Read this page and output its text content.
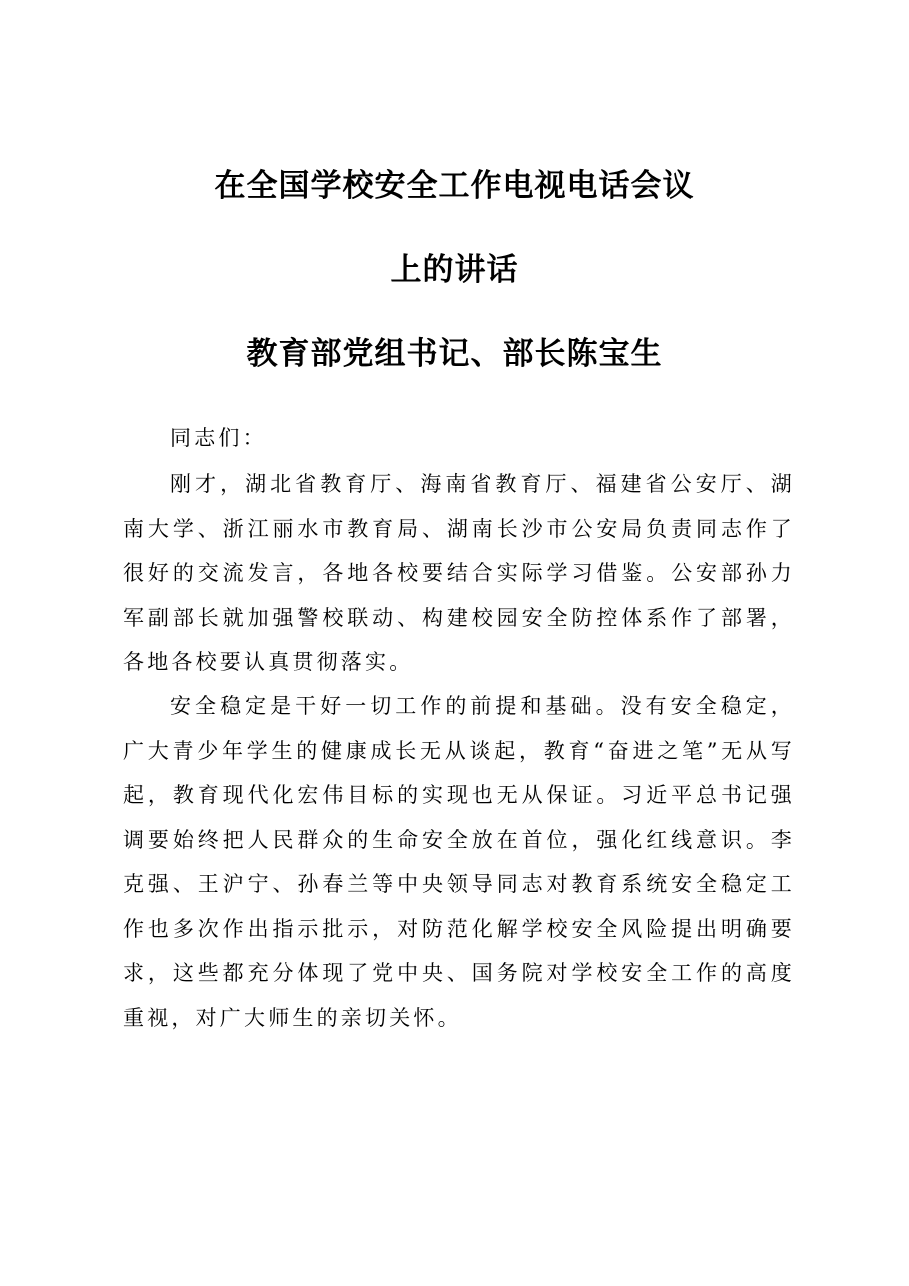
在全国学校安全工作电视电话会议
上的讲话
教育部党组书记、部长陈宝生

同志们：

刚才，湖北省教育厅、海南省教育厅、福建省公安厅、湖南大学、浙江丽水市教育局、湖南长沙市公安局负责同志作了很好的交流发言，各地各校要结合实际学习借鉴。公安部孙力军副部长就加强警校联动、构建校园安全防控体系作了部署，各地各校要认真贯彻落实。

安全稳定是干好一切工作的前提和基础。没有安全稳定，广大青少年学生的健康成长无从谈起，教育“奋进之笔”无从写起，教育现代化宏伟目标的实现也无从保证。习近平总书记强调要始终把人民群众的生命安全放在首位，强化红线意识。李克强、王沪宁、孙春兰等中央领导同志对教育系统安全稳定工作也多次作出指示批示，对防范化解学校安全风险提出明确要求，这些都充分体现了党中央、国务院对学校安全工作的高度重视，对广大师生的亲切关怀。
